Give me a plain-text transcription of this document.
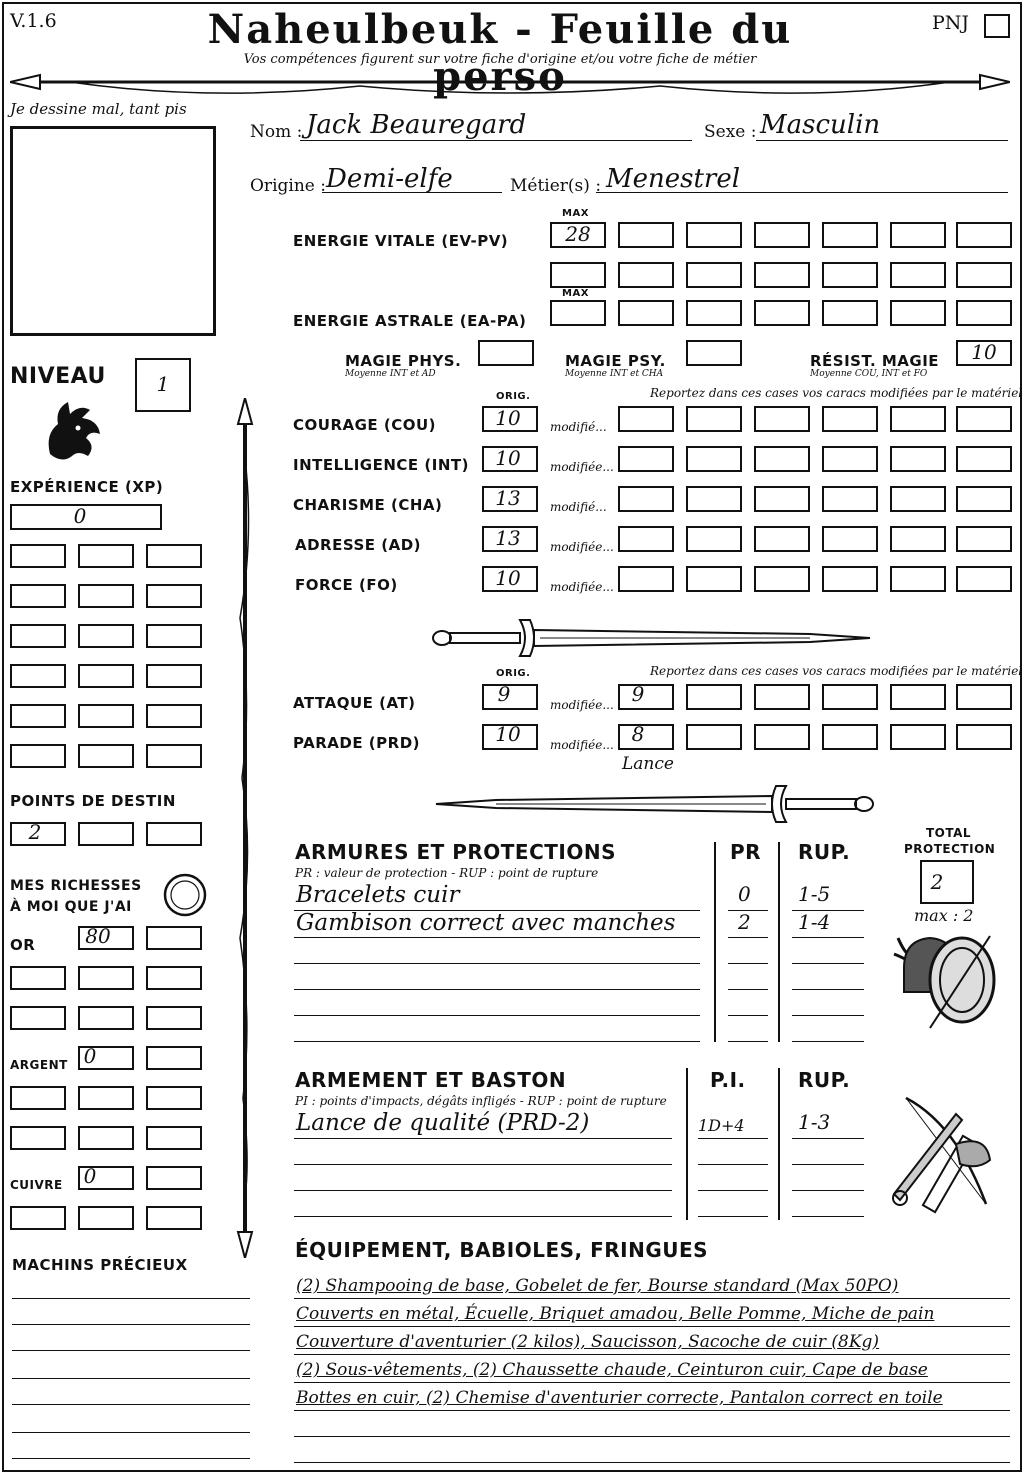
V.1.6	Naheulbeuk - Feuille du perso
Vos compétences figurent sur votre fiche d'origine et/ou votre fiche de métier
PNJ
Je dessine mal, tant pis
Nom : Jack Beauregard	Sexe : Masculin
Origine : Demi-elfe	Métier(s) : Menestrel
MAX
ENERGIE VITALE (EV-PV)	28
MAX
ENERGIE ASTRALE (EA-PA)
MAGIE PHYS.
Moyenne INT et AD
MAGIE PSY.
Moyenne INT et CHA
RÉSIST. MAGIE
Moyenne COU, INT et FO
10
NIVEAU	1
EXPÉRIENCE (XP)
0
POINTS DE DESTIN
2
MES RICHESSES
À MOI QUE J'AI
OR	80
ARGENT 0
CUIVRE 0
MACHINS PRÉCIEUX
ORIG.	Reportez dans ces cases vos caracs modifiées par le matériel
COURAGE (COU)	10	modifié...
INTELLIGENCE (INT)	10	modifiée...
CHARISME (CHA)	13	modifié...
ADRESSE (AD)	13	modifiée...
FORCE (FO)	10	modifiée...
ORIG.	Reportez dans ces cases vos caracs modifiées par le matériel
ATTAQUE (AT)	9	modifiée... 9
PARADE (PRD)	10	modifiée... 8
Lance
ARMURES ET PROTECTIONS
PR : valeur de protection - RUP : point de rupture
PR RUP.
Bracelets cuir	0 1-5
Gambison correct avec manches	2 1-4
TOTAL
PROTECTION
2
max : 2
ARMEMENT ET BASTON
PI : points d'impacts, dégâts infligés - RUP : point de rupture
P.I.	RUP.
Lance de qualité (PRD-2)	1D+4	1-3
ÉQUIPEMENT, BABIOLES, FRINGUES
(2) Shampooing de base, Gobelet de fer, Bourse standard (Max 50PO)
Couverts en métal, Écuelle, Briquet amadou, Belle Pomme, Miche de pain
Couverture d'aventurier (2 kilos), Saucisson, Sacoche de cuir (8Kg)
(2) Sous-vêtements, (2) Chaussette chaude, Ceinturon cuir, Cape de base
Bottes en cuir, (2) Chemise d'aventurier correcte, Pantalon correct en toile
